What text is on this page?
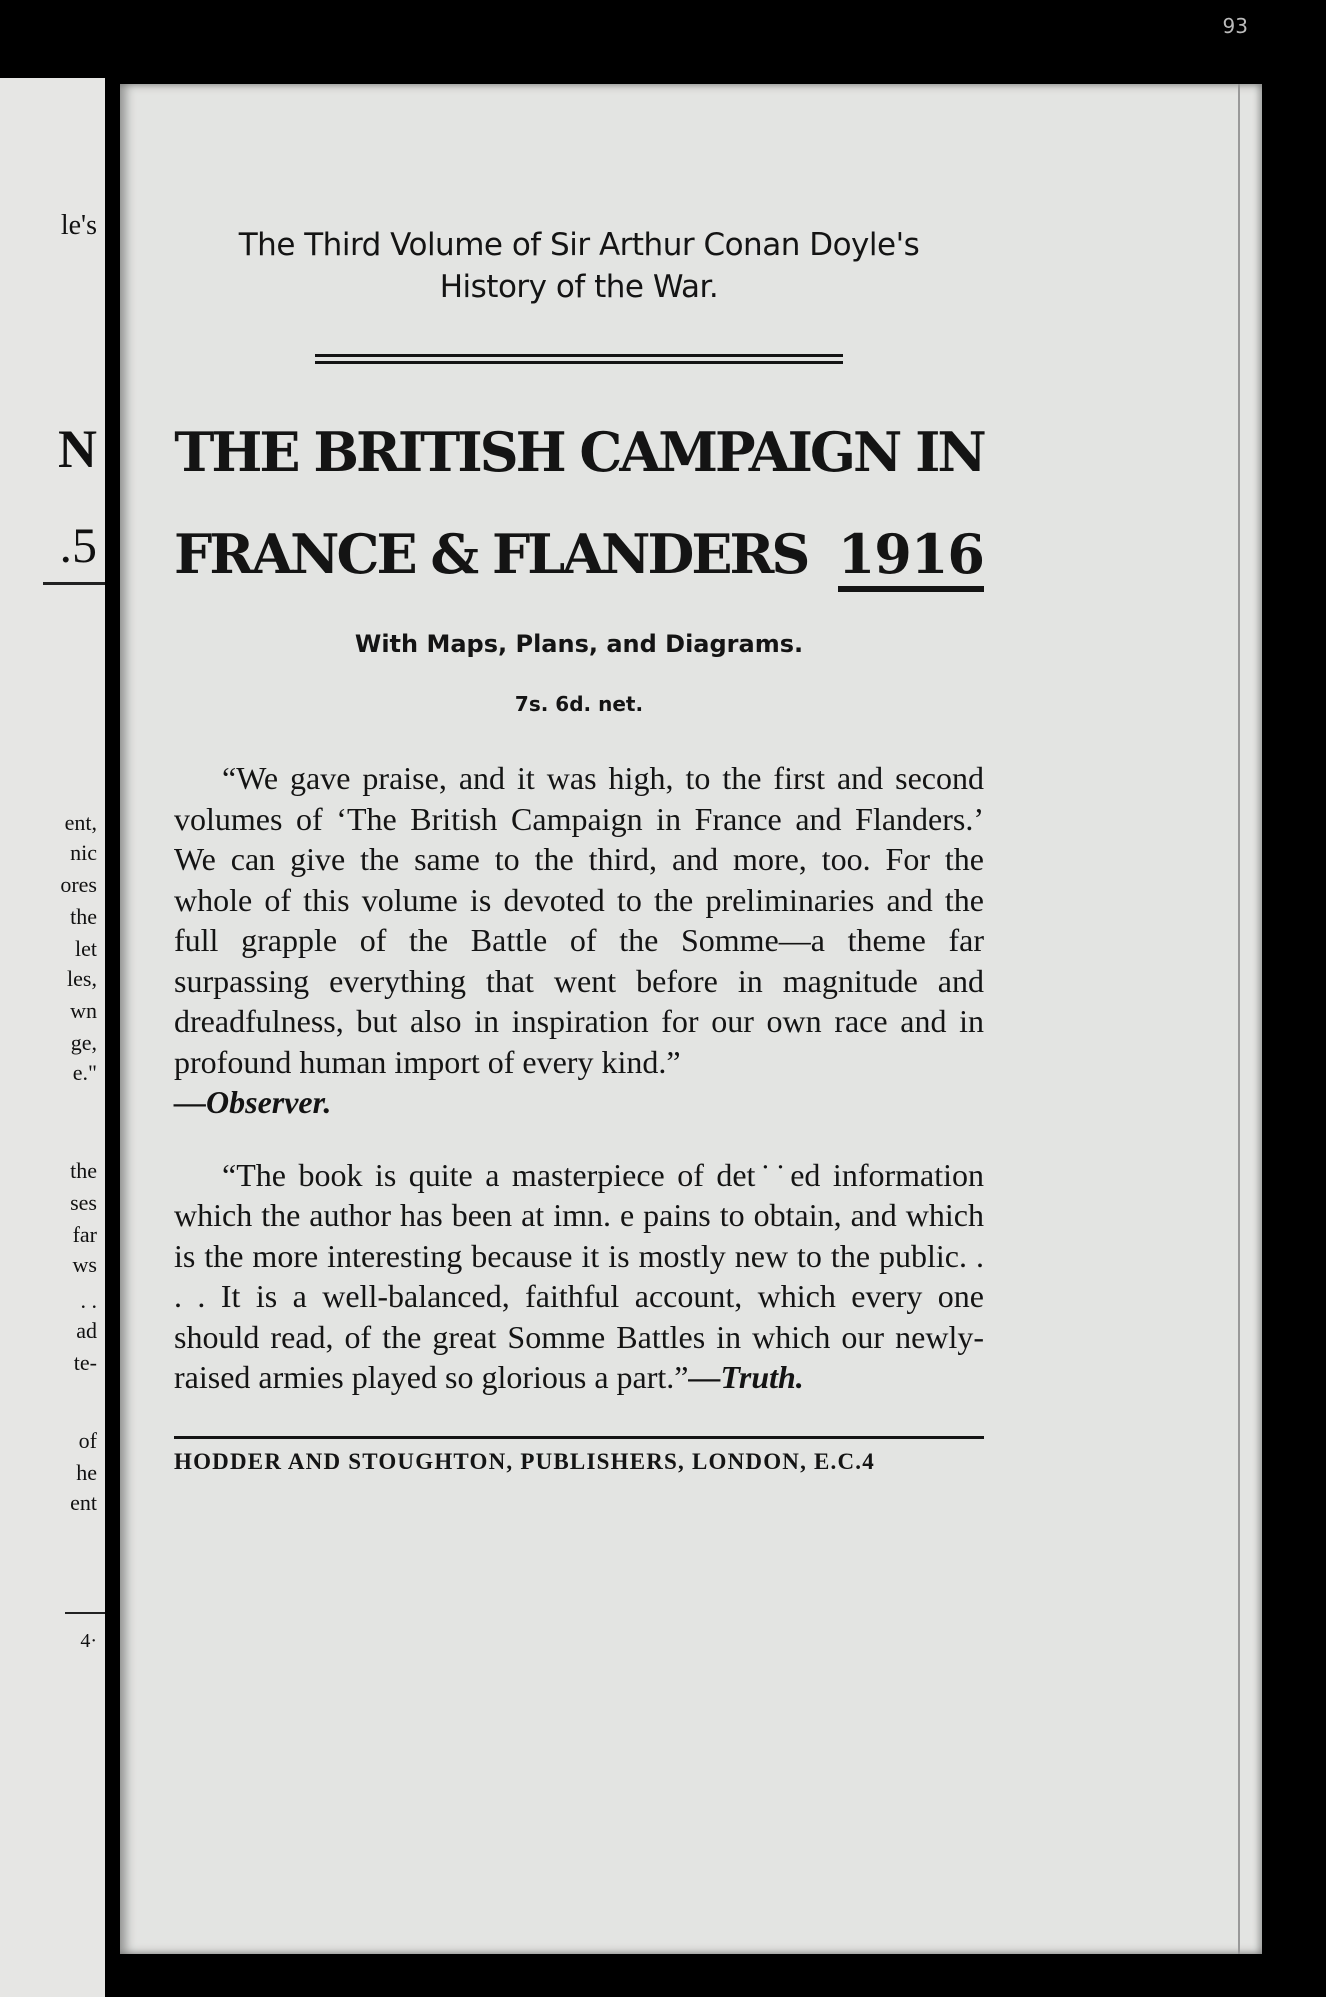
93
le's
N
.5
ent,
nic
ores
the
let
les,
wn
ge,
e."
the
ses
far
ws
. .
ad
te-
of
he
ent
4·
The Third Volume of Sir Arthur Conan Doyle's
History of the War.
THE BRITISH CAMPAIGN IN
FRANCE & FLANDERS 1916
With Maps, Plans, and Diagrams.
7s. 6d. net.

“We gave praise, and it was high, to the first and second volumes of ‘The British Campaign in France and Flanders.’ We can give the same to the third, and more, too. For the whole of this volume is devoted to the preliminaries and the full grapple of the Battle of the Somme—a theme far surpassing everything that went before in magnitude and dreadfulness, but also in inspiration for our own race and in profound human import of every kind.”
—Observer.

“The book is quite a masterpiece of det˙˙ed information which the author has been at imn. e pains to obtain, and which is the more interesting because it is mostly new to the public. . . . It is a well-balanced, faithful account, which every one should read, of the great Somme Battles in which our newly-raised armies played so glorious a part.”—Truth.

HODDER AND STOUGHTON, PUBLISHERS, LONDON, E.C.4
